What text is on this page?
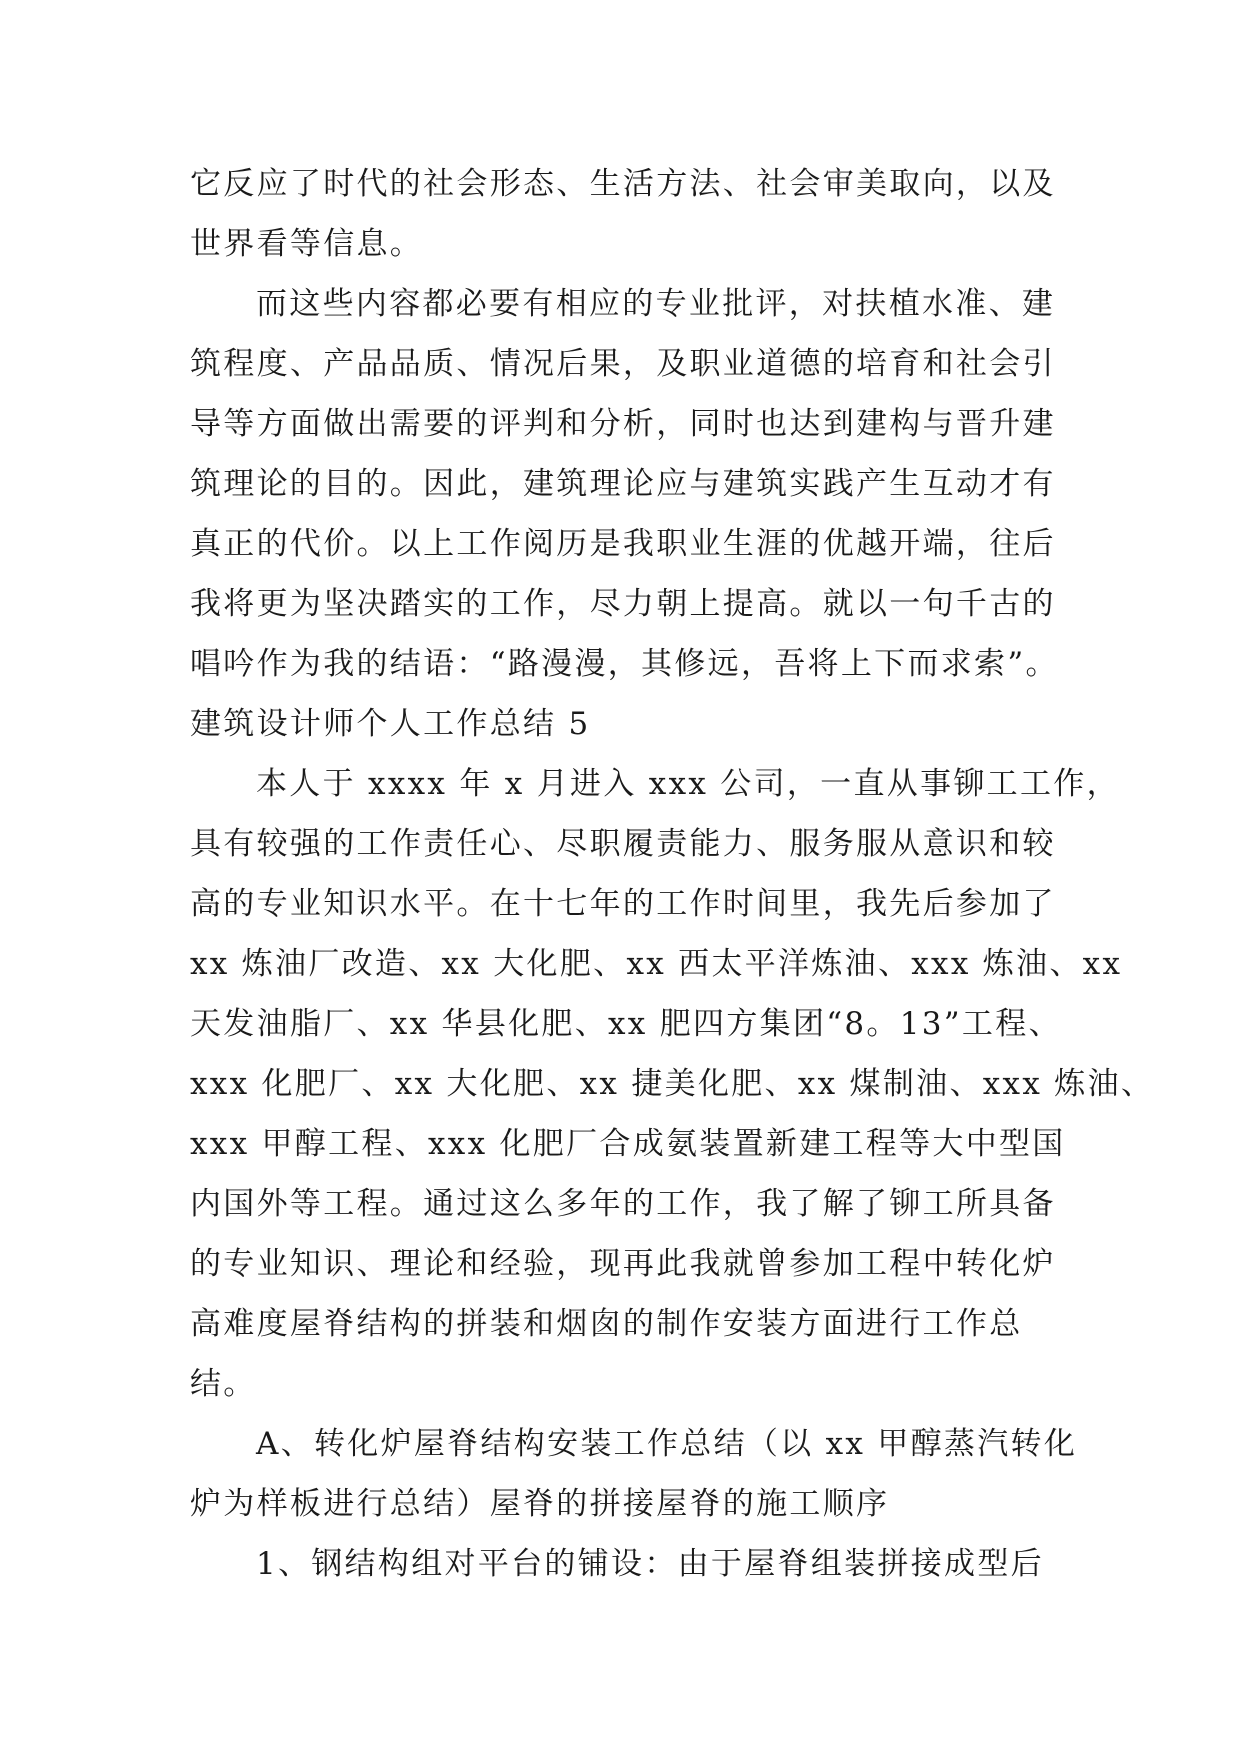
它反应了时代的社会形态、生活方法、社会审美取向，以及
世界看等信息。
而这些内容都必要有相应的专业批评，对扶植水准、建
筑程度、产品品质、情况后果，及职业道德的培育和社会引
导等方面做出需要的评判和分析，同时也达到建构与晋升建
筑理论的目的。因此，建筑理论应与建筑实践产生互动才有
真正的代价。以上工作阅历是我职业生涯的优越开端，往后
我将更为坚决踏实的工作，尽力朝上提高。就以一句千古的
唱吟作为我的结语：“路漫漫，其修远，吾将上下而求索”。
建筑设计师个人工作总结 5
本人于 xxxx 年 x 月进入 xxx 公司，一直从事铆工工作，
具有较强的工作责任心、尽职履责能力、服务服从意识和较
高的专业知识水平。在十七年的工作时间里，我先后参加了
xx 炼油厂改造、xx 大化肥、xx 西太平洋炼油、xxx 炼油、xx
天发油脂厂、xx 华县化肥、xx 肥四方集团“8。13”工程、
xxx 化肥厂、xx 大化肥、xx 捷美化肥、xx 煤制油、xxx 炼油、
xxx 甲醇工程、xxx 化肥厂合成氨装置新建工程等大中型国
内国外等工程。通过这么多年的工作，我了解了铆工所具备
的专业知识、理论和经验，现再此我就曾参加工程中转化炉
高难度屋脊结构的拼装和烟囱的制作安装方面进行工作总
结。
A、转化炉屋脊结构安装工作总结（以 xx 甲醇蒸汽转化
炉为样板进行总结）屋脊的拼接屋脊的施工顺序
1、钢结构组对平台的铺设：由于屋脊组装拼接成型后
